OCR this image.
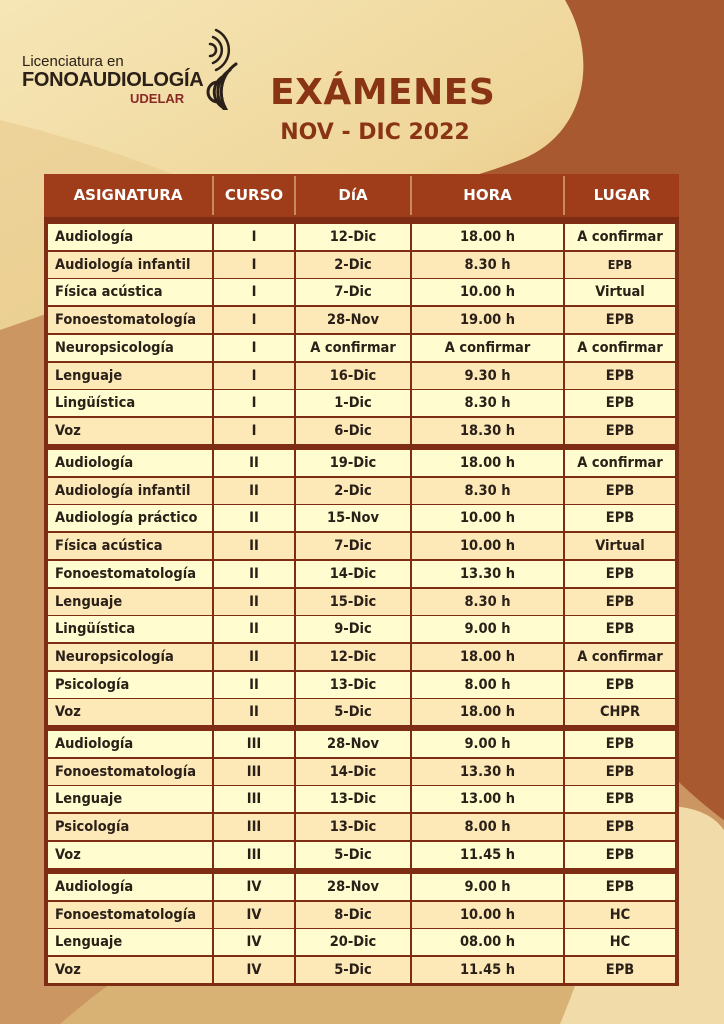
Licenciatura en
FONOAUDIOLOGÍA
UDELAR EXÁMENES
NOV - DIC 2022
ASIGNATURA	CURSO	DíA	HORA	LUGAR
Audiología	I	12-Dic	18.00 h	A confirmar
Audiología infantil	I	2-Dic	8.30 h	EPB
Física acústica	I	7-Dic	10.00 h	Virtual
Fonoestomatología	I	28-Nov	19.00 h	EPB
Neuropsicología	I	A confirmar	A confirmar	A confirmar
Lenguaje	I	16-Dic	9.30 h	EPB
Lingüística	I	1-Dic	8.30 h	EPB
Voz	I	6-Dic	18.30 h	EPB
Audiología	II	19-Dic	18.00 h	A confirmar
Audiología infantil	II	2-Dic	8.30 h	EPB
Audiología práctico	II	15-Nov	10.00 h	EPB
Física acústica	II	7-Dic	10.00 h	Virtual
Fonoestomatología	II	14-Dic	13.30 h	EPB
Lenguaje	II	15-Dic	8.30 h	EPB
Lingüística	II	9-Dic	9.00 h	EPB
Neuropsicología	II	12-Dic	18.00 h	A confirmar
Psicología	II	13-Dic	8.00 h	EPB
Voz	II	5-Dic	18.00 h	CHPR
Audiología	III	28-Nov	9.00 h	EPB
Fonoestomatología	III	14-Dic	13.30 h	EPB
Lenguaje	III	13-Dic	13.00 h	EPB
Psicología	III	13-Dic	8.00 h	EPB
Voz	III	5-Dic	11.45 h	EPB
Audiología	IV	28-Nov	9.00 h	EPB
Fonoestomatología	IV	8-Dic	10.00 h	HC
Lenguaje	IV	20-Dic	08.00 h	HC
Voz	IV	5-Dic	11.45 h	EPB
